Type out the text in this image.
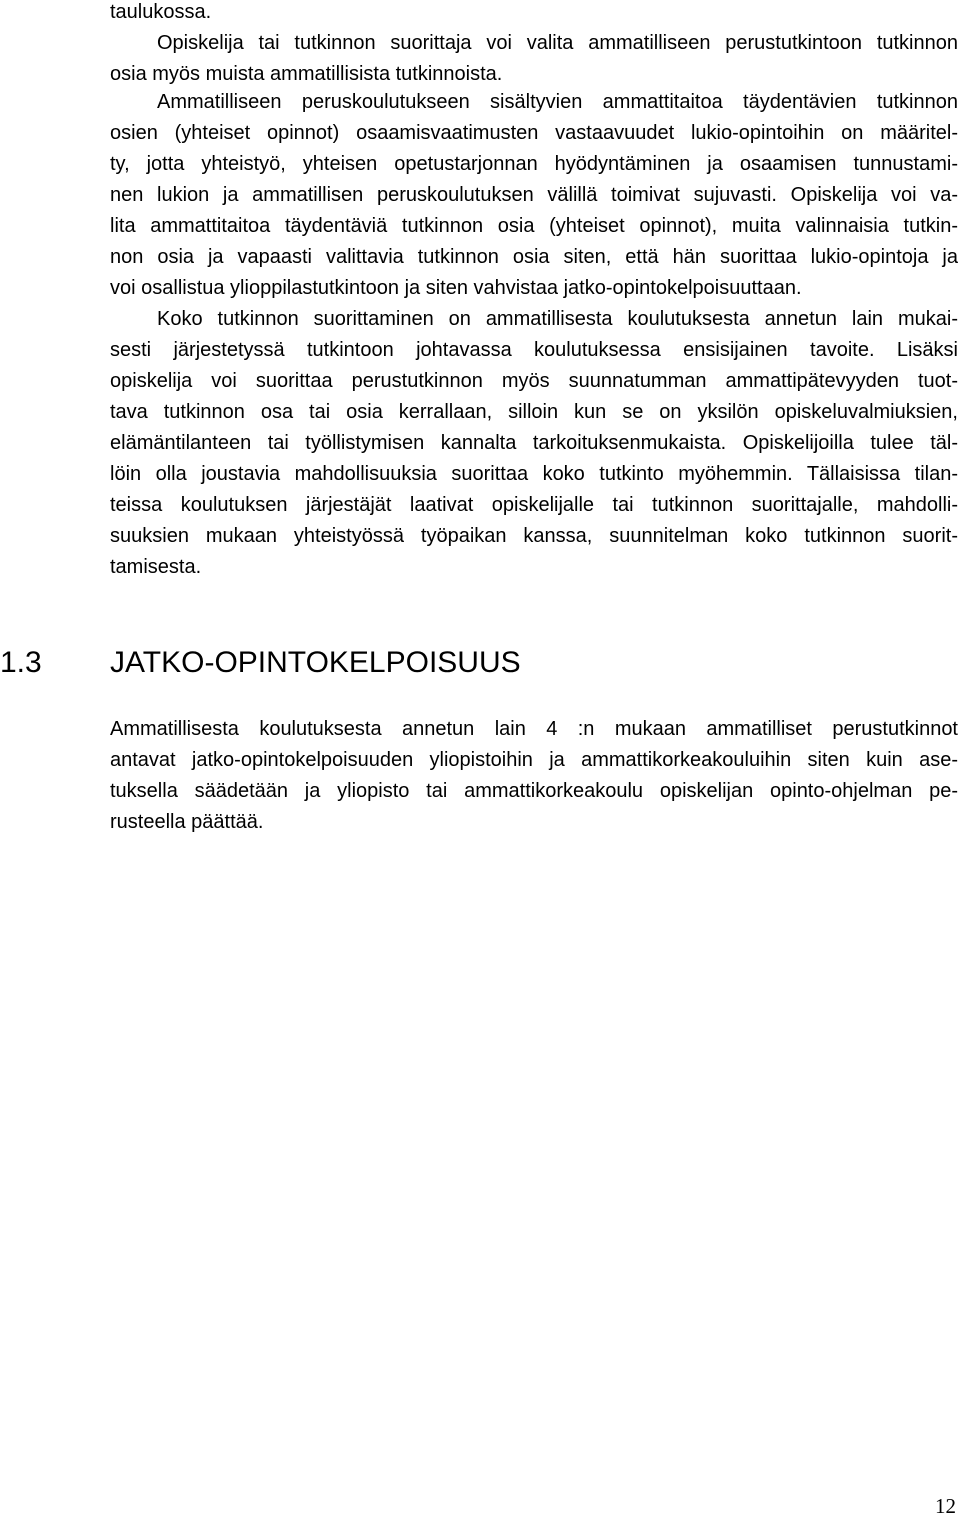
taulukossa.
Opiskelija tai tutkinnon suorittaja voi valita ammatilliseen perustutkintoon tutkinnon
osia myös muista ammatillisista tutkinnoista.
Ammatilliseen peruskoulutukseen sisältyvien ammattitaitoa täydentävien tutkinnon
osien (yhteiset opinnot) osaamisvaatimusten vastaavuudet lukio-opintoihin on määritel-
ty, jotta yhteistyö, yhteisen opetustarjonnan hyödyntäminen ja osaamisen tunnustami-
nen lukion ja ammatillisen peruskoulutuksen välillä toimivat sujuvasti. Opiskelija voi va-
lita ammattitaitoa täydentäviä tutkinnon osia (yhteiset opinnot), muita valinnaisia tutkin-
non osia ja vapaasti valittavia tutkinnon osia siten, että hän suorittaa lukio-opintoja ja
voi osallistua ylioppilastutkintoon ja siten vahvistaa jatko-opintokelpoisuuttaan.
Koko tutkinnon suorittaminen on ammatillisesta koulutuksesta annetun lain mukai-
sesti järjestetyssä tutkintoon johtavassa koulutuksessa ensisijainen tavoite. Lisäksi
opiskelija voi suorittaa perustutkinnon myös suunnatumman ammattipätevyyden tuot-
tava tutkinnon osa tai osia kerrallaan, silloin kun se on yksilön opiskeluvalmiuksien,
elämäntilanteen tai työllistymisen kannalta tarkoituksenmukaista. Opiskelijoilla tulee täl-
löin olla joustavia mahdollisuuksia suorittaa koko tutkinto myöhemmin. Tällaisissa tilan-
teissa koulutuksen järjestäjät laativat opiskelijalle tai tutkinnon suorittajalle, mahdolli-
suuksien mukaan yhteistyössä työpaikan kanssa, suunnitelman koko tutkinnon suorit-
tamisesta.
1.3 JATKO-OPINTOKELPOISUUS
Ammatillisesta koulutuksesta annetun lain 4 :n mukaan ammatilliset perustutkinnot
antavat jatko-opintokelpoisuuden yliopistoihin ja ammattikorkeakouluihin siten kuin ase-
tuksella säädetään ja yliopisto tai ammattikorkeakoulu opiskelijan opinto-ohjelman pe-
rusteella päättää.
12
